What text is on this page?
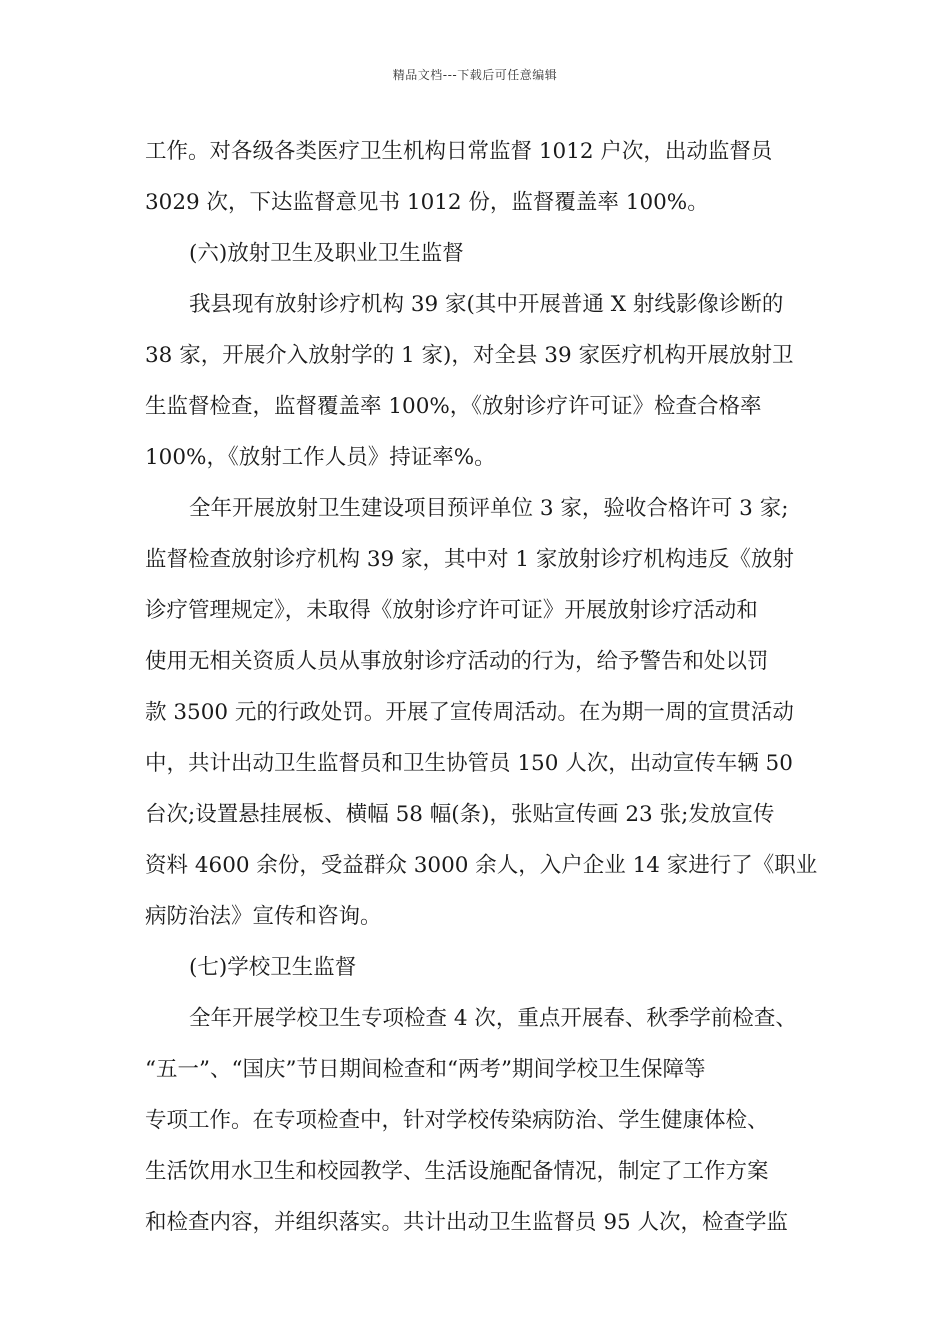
精品文档---下载后可任意编辑
工作。对各级各类医疗卫生机构日常监督 1012 户次，出动监督员
3029 次，下达监督意见书 1012 份，监督覆盖率 100%。
(六)放射卫生及职业卫生监督
我县现有放射诊疗机构 39 家(其中开展普通 X 射线影像诊断的
38 家，开展介入放射学的 1 家)，对全县 39 家医疗机构开展放射卫
生监督检查，监督覆盖率 100%，《放射诊疗许可证》检查合格率
100%，《放射工作人员》持证率%。
全年开展放射卫生建设项目预评单位 3 家，验收合格许可 3 家;
监督检查放射诊疗机构 39 家，其中对 1 家放射诊疗机构违反《放射
诊疗管理规定》，未取得《放射诊疗许可证》开展放射诊疗活动和
使用无相关资质人员从事放射诊疗活动的行为，给予警告和处以罚
款 3500 元的行政处罚。开展了宣传周活动。在为期一周的宣贯活动
中，共计出动卫生监督员和卫生协管员 150 人次，出动宣传车辆 50
台次;设置悬挂展板、横幅 58 幅(条)，张贴宣传画 23 张;发放宣传
资料 4600 余份，受益群众 3000 余人，入户企业 14 家进行了《职业
病防治法》宣传和咨询。
(七)学校卫生监督
全年开展学校卫生专项检查 4 次，重点开展春、秋季学前检查、
“五一”、“国庆”节日期间检查和“两考”期间学校卫生保障等
专项工作。在专项检查中，针对学校传染病防治、学生健康体检、
生活饮用水卫生和校园教学、生活设施配备情况，制定了工作方案
和检查内容，并组织落实。共计出动卫生监督员 95 人次，检查学监
